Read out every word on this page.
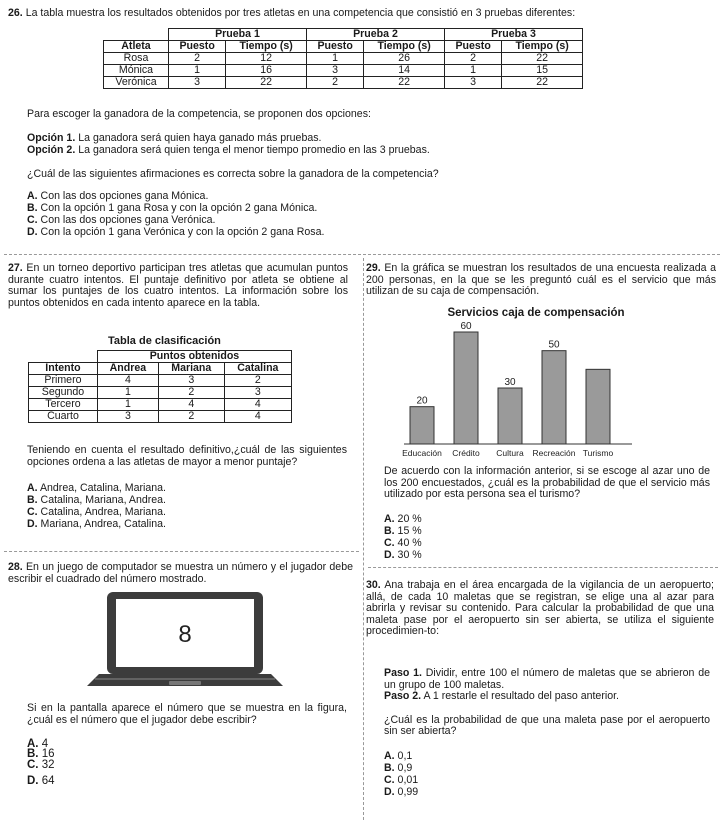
26. La tabla muestra los resultados obtenidos por tres atletas en una competencia que consistió en 3 pruebas diferentes:

	Prueba 1		Prueba 2		Prueba 3	
Atleta	Puesto	Tiempo (s)	Puesto	Tiempo (s)	Puesto	Tiempo (s)
Rosa	2	12	1	26	2	22
Mónica	1	16	3	14	1	15
Verónica	3	22	2	22	3	22

Para escoger la ganadora de la competencia, se proponen dos opciones:

Opción 1. La ganadora será quien haya ganado más pruebas.

Opción 2. La ganadora será quien tenga el menor tiempo promedio en las 3 pruebas.

¿Cuál de las siguientes afirmaciones es correcta sobre la ganadora de la competencia?

A. Con las dos opciones gana Mónica.

B. Con la opción 1 gana Rosa y con la opción 2 gana Mónica.

C. Con las dos opciones gana Verónica.

D. Con la opción 1 gana Verónica y con la opción 2 gana Rosa.

27. En un torneo deportivo participan tres atletas que acumulan puntos durante cuatro intentos. El puntaje definitivo por atleta se obtiene al sumar los puntajes de los cuatro intentos. La información sobre los puntos obtenidos en cada intento aparece en la tabla.

Tabla de clasificación
	Puntos obtenidos		
Intento	Andrea	Mariana	Catalina
Primero	4	3	2
Segundo	1	2	3
Tercero	1	4	4
Cuarto	3	2	4

Teniendo en cuenta el resultado definitivo,¿cuál de las siguientes opciones ordena a las atletas de mayor a menor puntaje?

A. Andrea, Catalina, Mariana.

B. Catalina, Mariana, Andrea.

C. Catalina, Andrea, Mariana.

D. Mariana, Andrea, Catalina.

28. En un juego de computador se muestra un número y el jugador debe escribir el cuadrado del número mostrado.

8

Si en la pantalla aparece el número que se muestra en la figura, ¿cuál es el número que el jugador debe escribir?

A. 4

B. 16

C. 32

D. 64

29. En la gráfica se muestran los resultados de una encuesta realizada a 200 personas, en la que se les preguntó cuál es el servicio que más utilizan de su caja de compensación.

Servicios caja de compensación
20
Educación
60
Crédito
30
Cultura
50
Recreación Turismo

De acuerdo con la información anterior, si se escoge al azar uno de los 200 encuestados, ¿cuál es la probabilidad de que el servicio más utilizado por esta persona sea el turismo?

A. 20 %

B. 15 %

C. 40 %

D. 30 %

30. Ana trabaja en el área encargada de la vigilancia de un aeropuerto; allá, de cada 10 maletas que se registran, se elige una al azar para abrirla y revisar su contenido. Para calcular la probabilidad de que una maleta pase por el aeropuerto sin ser abierta, se utiliza el siguiente procedimien-to:

Paso 1. Dividir, entre 100 el número de maletas que se abrieron de un grupo de 100 maletas.

Paso 2. A 1 restarle el resultado del paso anterior.

¿Cuál es la probabilidad de que una maleta pase por el aeropuerto sin ser abierta?

A. 0,1

B. 0,9

C. 0,01

D. 0,99
